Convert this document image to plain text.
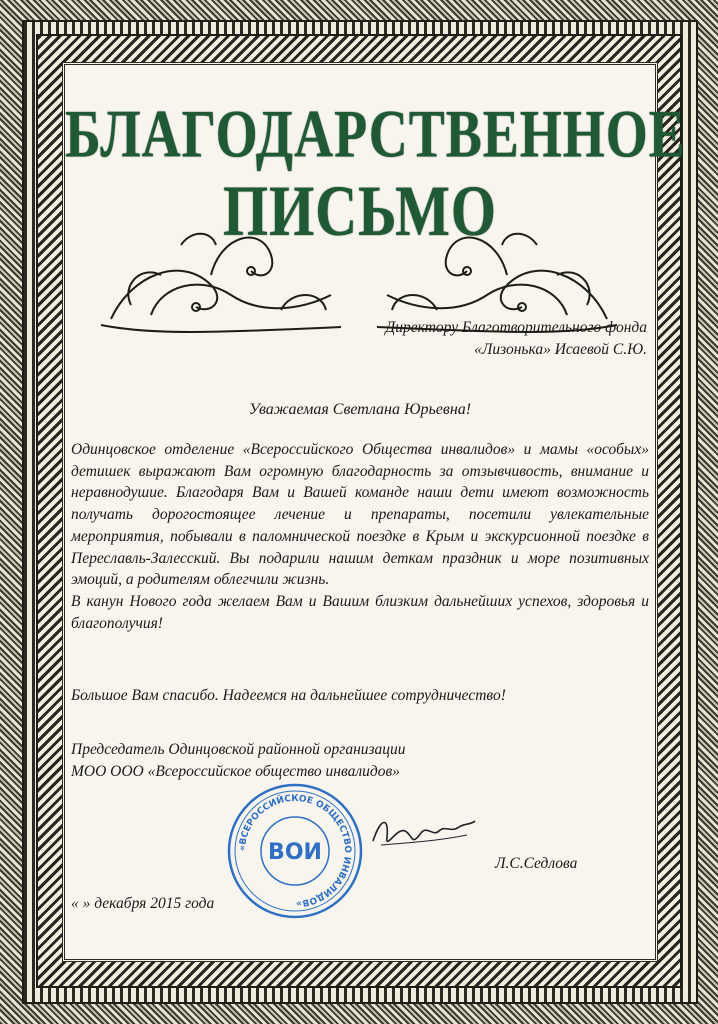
БЛАГОДАРСТВЕННОЕ
ПИСЬМО
Директору Благотворительного фонда
«Лизонька» Исаевой С.Ю.
Уважаемая Светлана Юрьевна!

Одинцовское отделение «Всероссийского Общества инвалидов» и мамы «особых» детишек выражают Вам огромную благодарность за отзывчивость, внимание и неравнодушие. Благодаря Вам и Вашей команде наши дети имеют возможность получать дорогостоящее лечение и препараты, посетили увлекательные мероприятия, побывали в паломнической поездке в Крым и экскурсионной поездке в Переславль-Залесский. Вы подарили нашим деткам праздник и море позитивных эмоций, а родителям облегчили жизнь.

В канун Нового года желаем Вам и Вашим близким дальнейших успехов, здоровья и благополучия!

Большое Вам спасибо. Надеемся на дальнейшее сотрудничество!
Председатель Одинцовской районной организации
МОО ООО «Всероссийское общество инвалидов»
«ВСЕРОССИЙСКОЕ ОБЩЕСТВО ИНВАЛИДОВ»
ВОИ	Л.С.Седлова
« » декабря 2015 года
